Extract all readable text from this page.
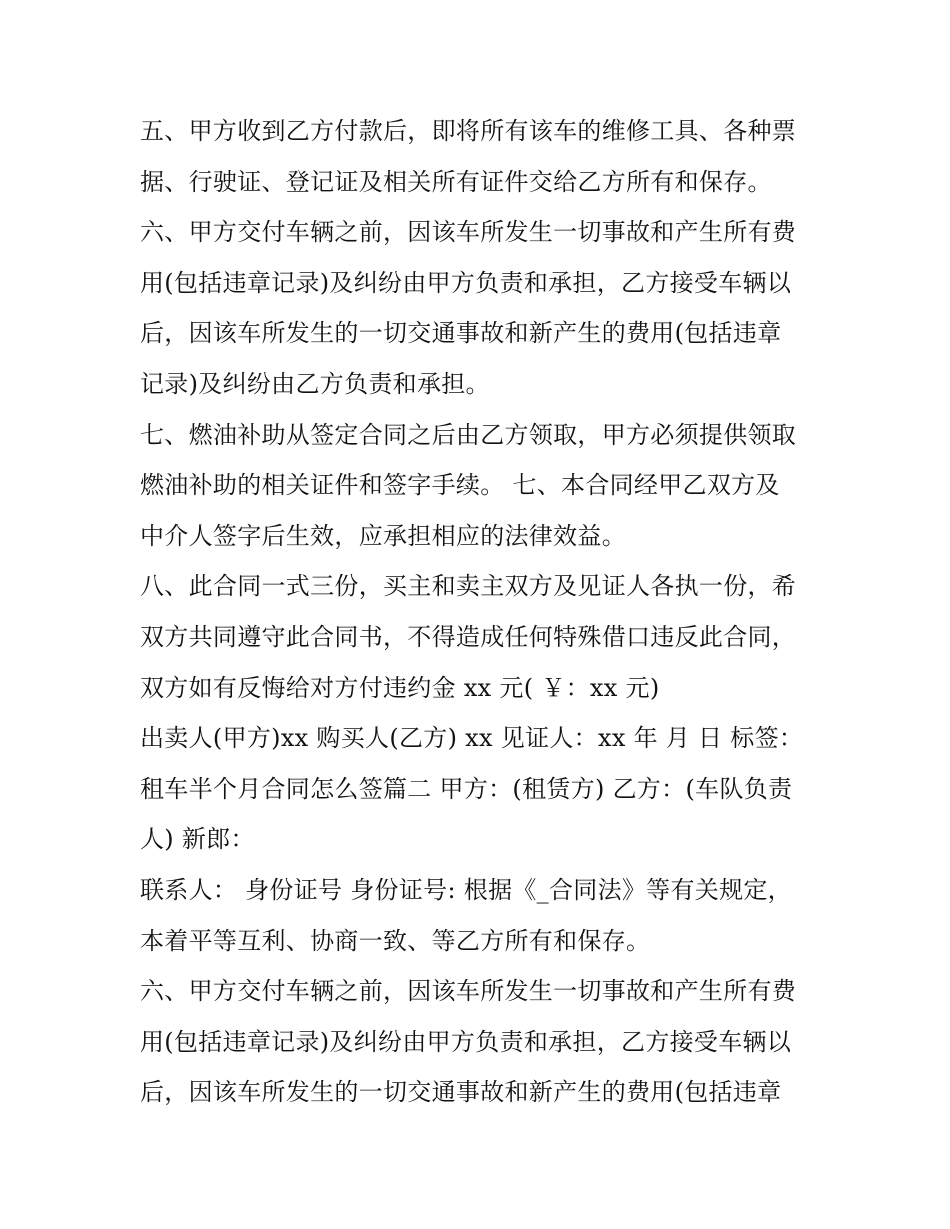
五、甲方收到乙方付款后，即将所有该车的维修工具、各种票
据、行驶证、登记证及相关所有证件交给乙方所有和保存。
六、甲方交付车辆之前，因该车所发生一切事故和产生所有费
用(包括违章记录)及纠纷由甲方负责和承担，乙方接受车辆以
后，因该车所发生的一切交通事故和新产生的费用(包括违章
记录)及纠纷由乙方负责和承担。
七、燃油补助从签定合同之后由乙方领取，甲方必须提供领取
燃油补助的相关证件和签字手续。 七、本合同经甲乙双方及
中介人签字后生效，应承担相应的法律效益。
八、此合同一式三份，买主和卖主双方及见证人各执一份，希
双方共同遵守此合同书，不得造成任何特殊借口违反此合同，
双方如有反悔给对方付违约金 xx 元( ￥：xx 元)
出卖人(甲方)xx 购买人(乙方) xx 见证人：xx 年 月 日 标签：
租车半个月合同怎么签篇二 甲方：(租赁方) 乙方：(车队负责
人) 新郎：
联系人： 身份证号 身份证号: 根据《_合同法》等有关规定，
本着平等互利、协商一致、等乙方所有和保存。
六、甲方交付车辆之前，因该车所发生一切事故和产生所有费
用(包括违章记录)及纠纷由甲方负责和承担，乙方接受车辆以
后，因该车所发生的一切交通事故和新产生的费用(包括违章
